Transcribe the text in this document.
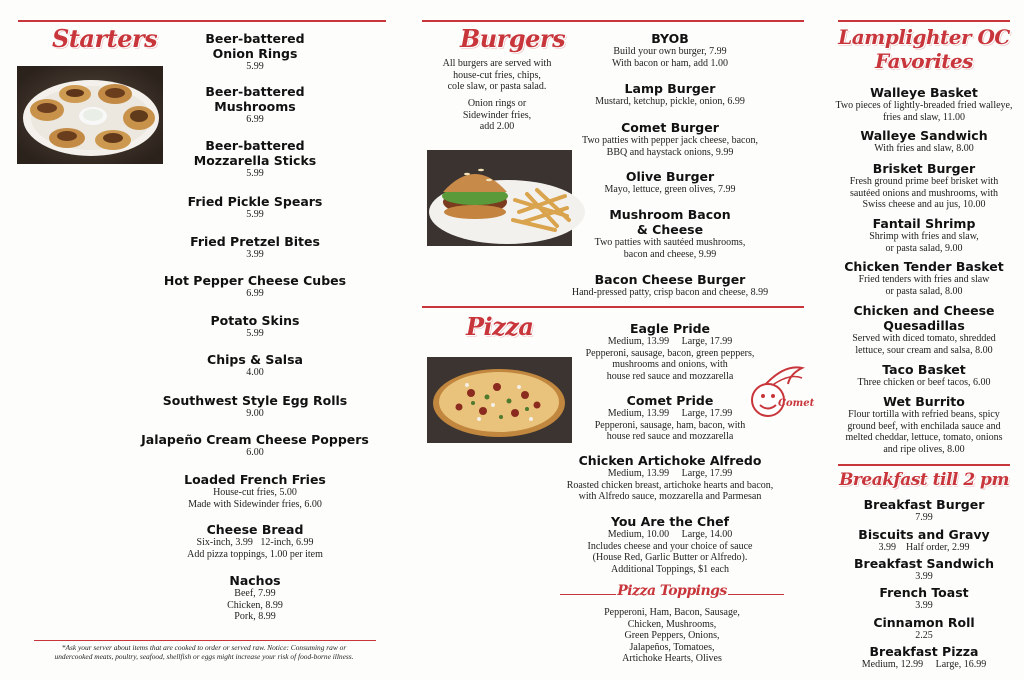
Starters	Beer-battered
Onion Rings
5.99
Beer-battered
Mushrooms
6.99
Beer-battered
Mozzarella Sticks
5.99
Fried Pickle Spears
5.99
Fried Pretzel Bites
3.99
Hot Pepper Cheese Cubes
6.99
Potato Skins
5.99
Chips & Salsa
4.00
Southwest Style Egg Rolls
9.00
Jalapeño Cream Cheese Poppers
6.00
Loaded French Fries
House-cut fries, 5.00
Made with Sidewinder fries, 6.00
Cheese Bread
Six-inch, 3.99   12-inch, 6.99
Add pizza toppings, 1.00 per item
Nachos
Beef, 7.99
Chicken, 8.99
Pork, 8.99
*Ask your server about items that are cooked to order or served raw. Notice: Consuming raw or
undercooked meats, poultry, seafood, shellfish or eggs might increase your risk of food-borne illness.
Burgers
All burgers are served with
house-cut fries, chips,
cole slaw, or pasta salad.
Onion rings or
Sidewinder fries,
add 2.00
BYOB
Build your own burger, 7.99
With bacon or ham, add 1.00
Lamp Burger
Mustard, ketchup, pickle, onion, 6.99
Comet Burger
Two patties with pepper jack cheese, bacon,
BBQ and haystack onions, 9.99
Olive Burger
Mayo, lettuce, green olives, 7.99
Mushroom Bacon
& Cheese
Two patties with sautéed mushrooms,
bacon and cheese, 9.99
Bacon Cheese Burger
Hand-pressed patty, crisp bacon and cheese, 8.99
Pizza
Comet
Eagle Pride
Medium, 13.99     Large, 17.99
Pepperoni, sausage, bacon, green peppers,
mushrooms and onions, with
house red sauce and mozzarella
Comet Pride
Medium, 13.99     Large, 17.99
Pepperoni, sausage, ham, bacon, with
house red sauce and mozzarella
Chicken Artichoke Alfredo
Medium, 13.99     Large, 17.99
Roasted chicken breast, artichoke hearts and bacon,
with Alfredo sauce, mozzarella and Parmesan
You Are the Chef
Medium, 10.00     Large, 14.00
Includes cheese and your choice of sauce
(House Red, Garlic Butter or Alfredo).
Additional Toppings, $1 each
Pizza Toppings
Pepperoni, Ham, Bacon, Sausage,
Chicken, Mushrooms,
Green Peppers, Onions,
Jalapeños, Tomatoes,
Artichoke Hearts, Olives
Lamplighter OC
Favorites
Walleye Basket
Two pieces of lightly-breaded fried walleye,
fries and slaw, 11.00
Walleye Sandwich
With fries and slaw, 8.00
Brisket Burger
Fresh ground prime beef brisket with
sautéed onions and mushrooms, with
Swiss cheese and au jus, 10.00
Fantail Shrimp
Shrimp with fries and slaw,
or pasta salad, 9.00
Chicken Tender Basket
Fried tenders with fries and slaw
or pasta salad, 8.00
Chicken and Cheese
Quesadillas
Served with diced tomato, shredded
lettuce, sour cream and salsa, 8.00
Taco Basket
Three chicken or beef tacos, 6.00
Wet Burrito
Flour tortilla with refried beans, spicy
ground beef, with enchilada sauce and
melted cheddar, lettuce, tomato, onions
and ripe olives, 8.00
Breakfast till 2 pm
Breakfast Burger
7.99
Biscuits and Gravy
3.99    Half order, 2.99
Breakfast Sandwich
3.99
French Toast
3.99
Cinnamon Roll
2.25
Breakfast Pizza
Medium, 12.99     Large, 16.99
